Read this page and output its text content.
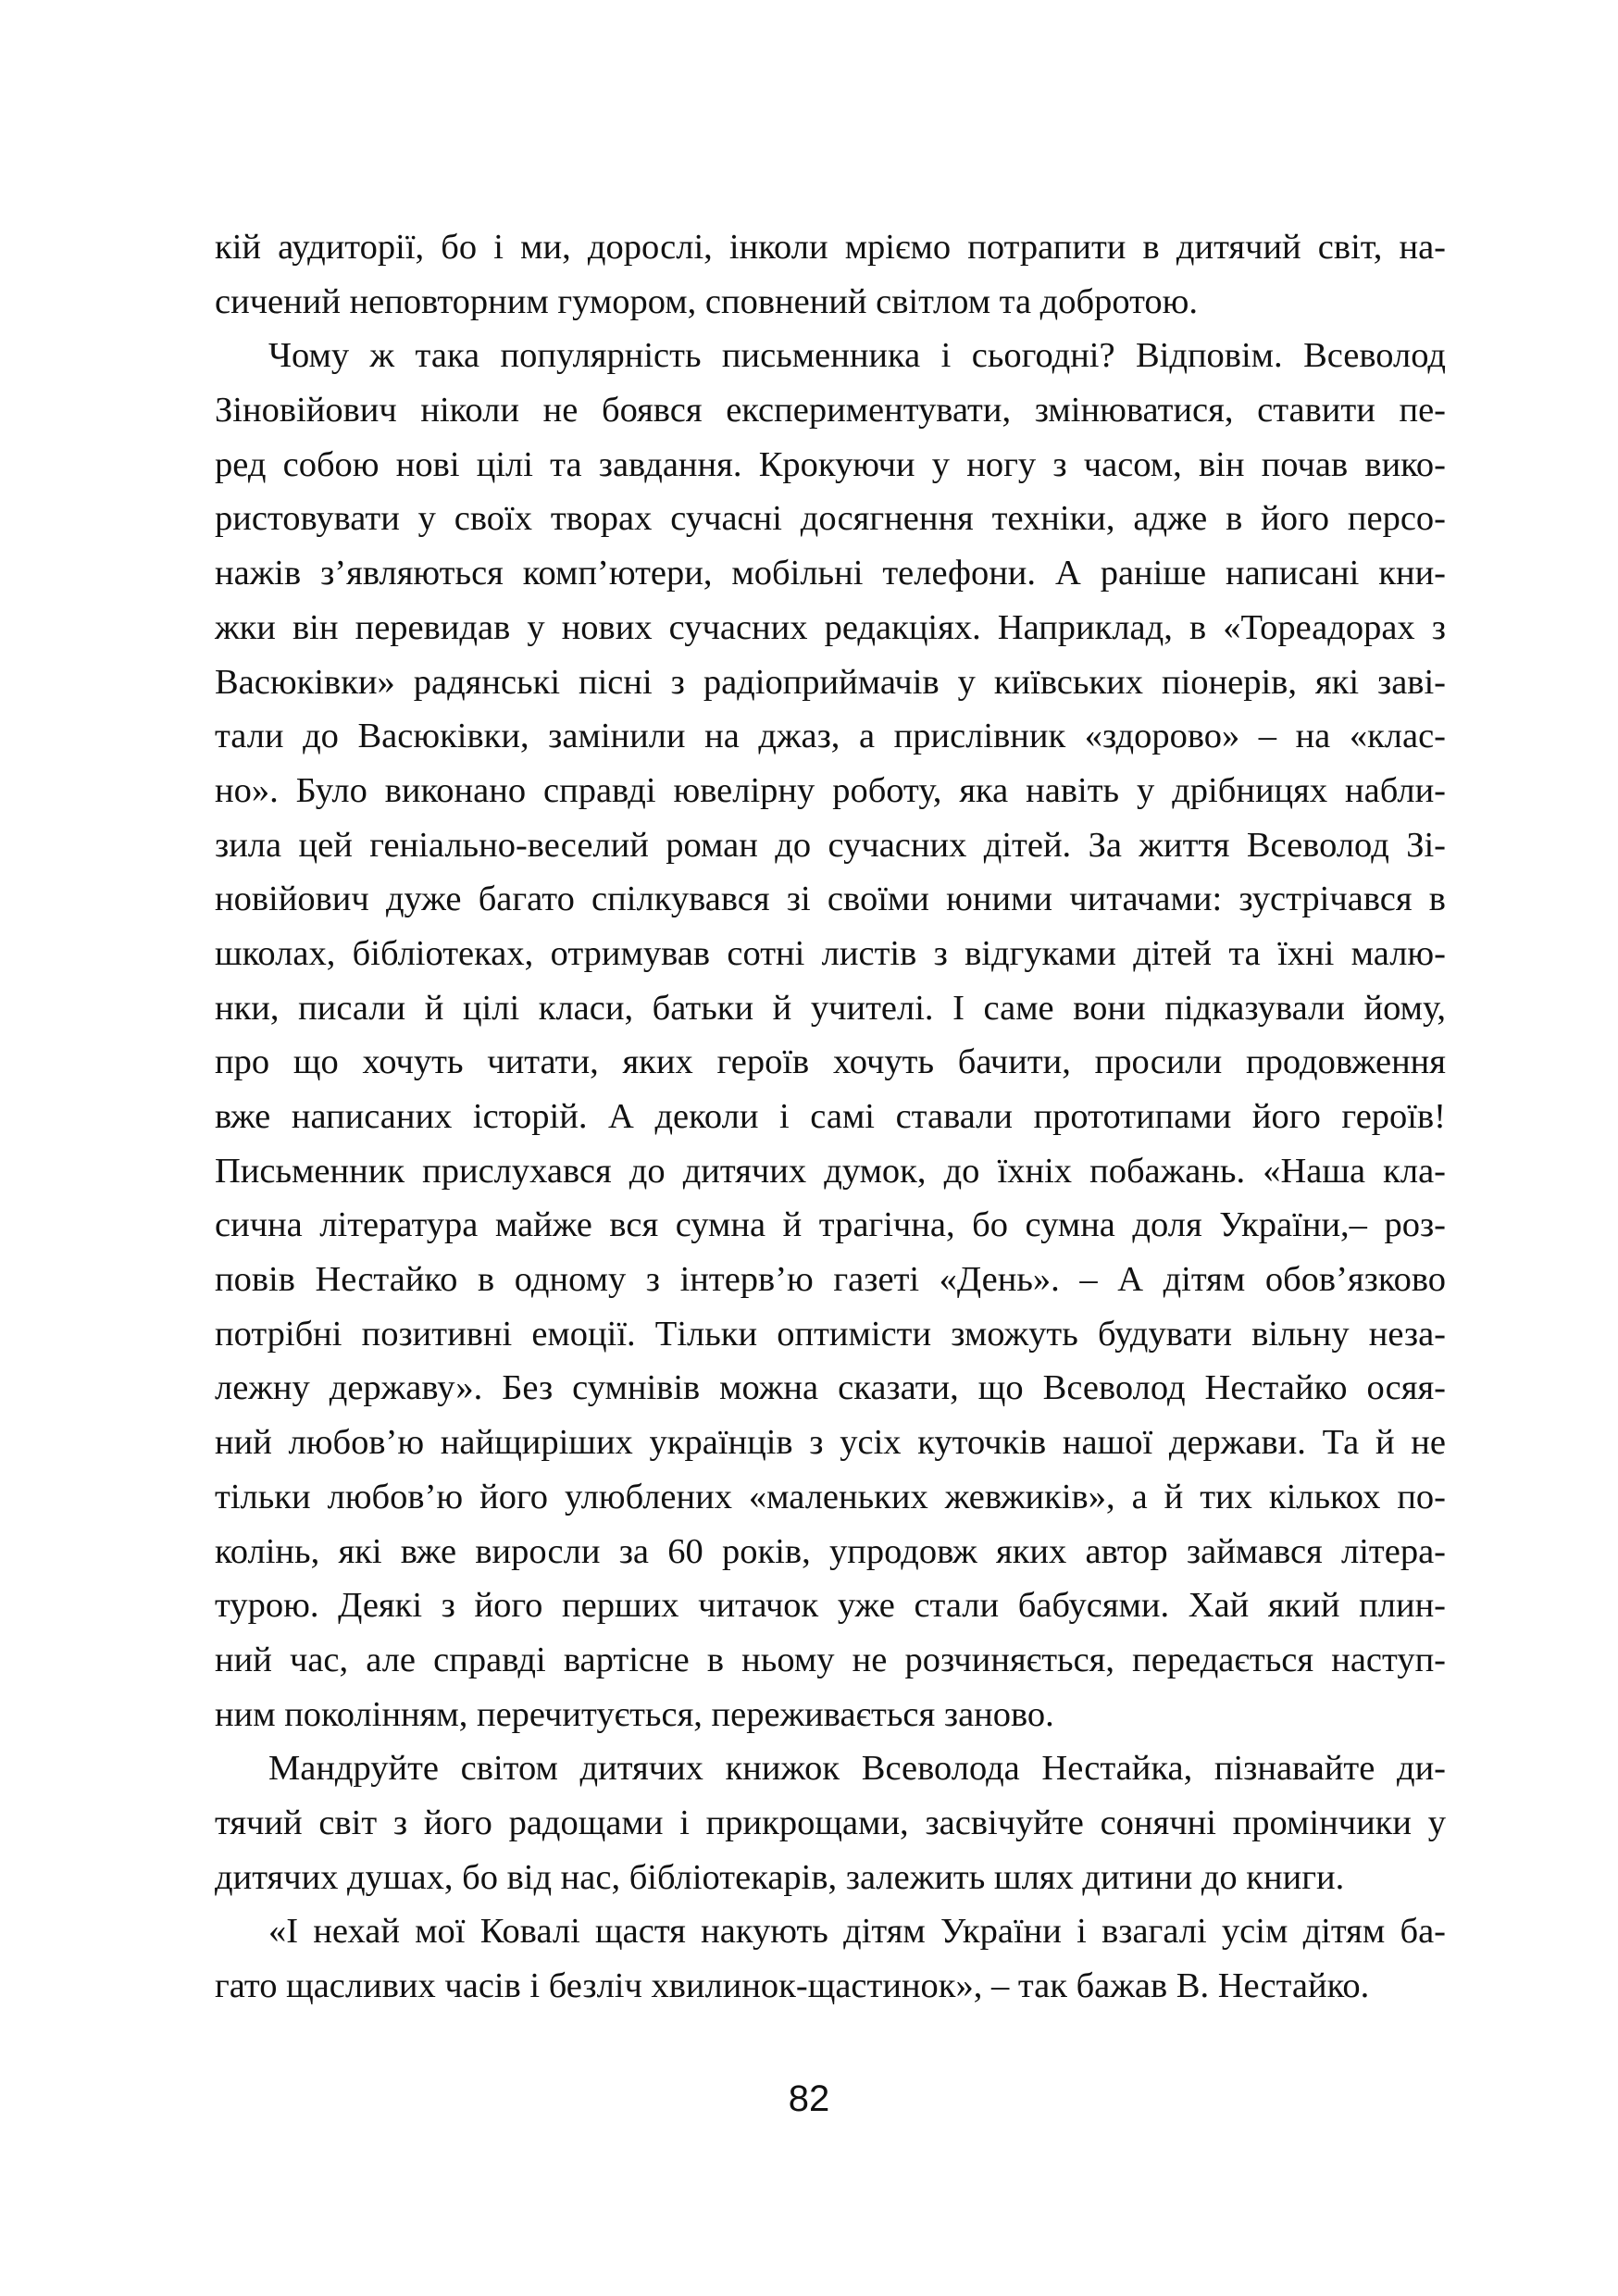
кій аудиторії, бо і ми, дорослі, інколи мріємо потрапити в дитячий світ, на-
сичений неповторним гумором, сповнений світлом та добротою.
Чому ж така популярність письменника і сьогодні? Відповім. Всеволод
Зіновійович ніколи не боявся експериментувати, змінюватися, ставити пе-
ред собою нові цілі та завдання. Крокуючи у ногу з часом, він почав вико-
ристовувати у своїх творах сучасні досягнення техніки, адже в його персо-
нажів з’являються комп’ютери, мобільні телефони. А раніше написані кни-
жки він перевидав у нових сучасних редакціях. Наприклад, в «Тореадорах з
Васюківки» радянські пісні з радіоприймачів у київських піонерів, які заві-
тали до Васюківки, замінили на джаз, а прислівник «здорово» – на «клас-
но». Було виконано справді ювелірну роботу, яка навіть у дрібницях набли-
зила цей геніально-веселий роман до сучасних дітей. За життя Всеволод Зі-
новійович дуже багато спілкувався зі своїми юними читачами: зустрічався в
школах, бібліотеках, отримував сотні листів з відгуками дітей та їхні малю-
нки, писали й цілі класи, батьки й учителі. І саме вони підказували йому,
про що хочуть читати, яких героїв хочуть бачити, просили продовження
вже написаних історій. А деколи і самі ставали прототипами його героїв!
Письменник прислухався до дитячих думок, до їхніх побажань. «Наша кла-
сична література майже вся сумна й трагічна, бо сумна доля України,– роз-
повів Нестайко в одному з інтерв’ю газеті «День». – А дітям обов’язково
потрібні позитивні емоції. Тільки оптимісти зможуть будувати вільну неза-
лежну державу». Без сумнівів можна сказати, що Всеволод Нестайко осяя-
ний любов’ю найщиріших українців з усіх куточків нашої держави. Та й не
тільки любов’ю його улюблених «маленьких жевжиків», а й тих кількох по-
колінь, які вже виросли за 60 років, упродовж яких автор займався літера-
турою. Деякі з його перших читачок уже стали бабусями. Хай який плин-
ний час, але справді вартісне в ньому не розчиняється, передається наступ-
ним поколінням, перечитується, переживається заново.
Мандруйте світом дитячих книжок Всеволода Нестайка, пізнавайте ди-
тячий світ з його радощами і прикрощами, засвічуйте сонячні промінчики у
дитячих душах, бо від нас, бібліотекарів, залежить шлях дитини до книги.
«І нехай мої Ковалі щастя накують дітям України і взагалі усім дітям ба-
гато щасливих часів і безліч хвилинок-щастинок», – так бажав В. Нестайко.
82
